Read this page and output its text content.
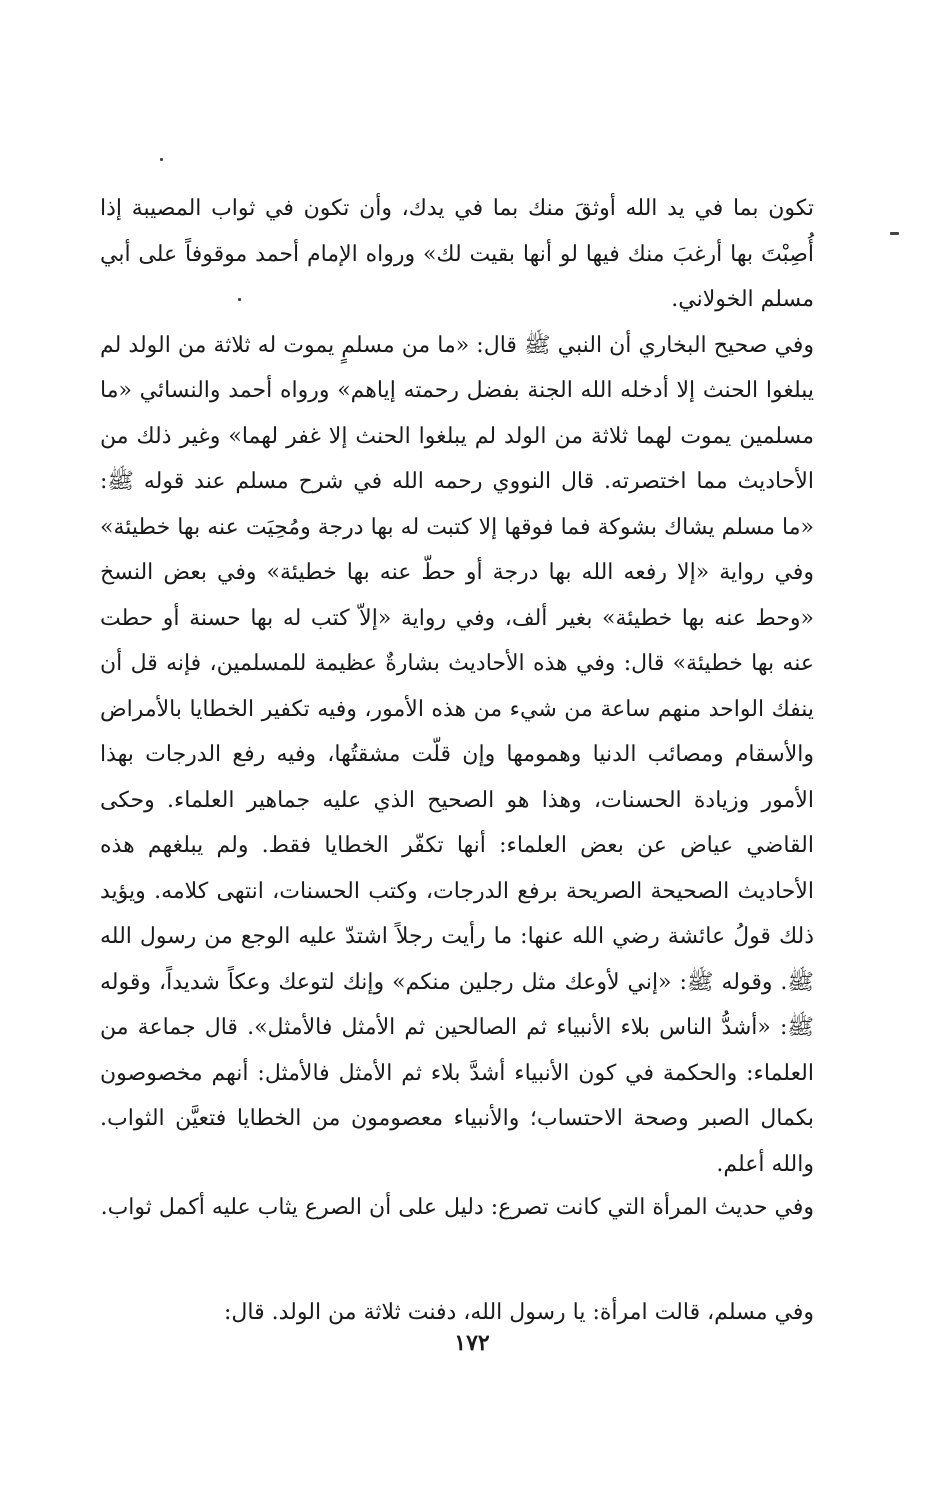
تكون بما في يد الله أوثقَ منك بما في يدك، وأن تكون في ثواب المصيبة إذا أُصِبْتَ بها أرغبَ منك فيها لو أنها بقيت لك» ورواه الإمام أحمد موقوفاً على أبي مسلم الخولاني.

وفي صحيح البخاري أن النبي ﷺ قال: «ما من مسلمٍ يموت له ثلاثة من الولد لم يبلغوا الحنث إلا أدخله الله الجنة بفضل رحمته إياهم» ورواه أحمد والنسائي «ما مسلمين يموت لهما ثلاثة من الولد لم يبلغوا الحنث إلا غفر لهما» وغير ذلك من الأحاديث مما اختصرته. قال النووي رحمه الله في شرح مسلم عند قوله ﷺ: «ما مسلم يشاك بشوكة فما فوقها إلا كتبت له بها درجة ومُحِيَت عنه بها خطيئة» وفي رواية «إلا رفعه الله بها درجة أو حطّ عنه بها خطيئة» وفي بعض النسخ «وحط عنه بها خطيئة» بغير ألف، وفي رواية «إلاّ كتب له بها حسنة أو حطت عنه بها خطيئة» قال: وفي هذه الأحاديث بشارةٌ عظيمة للمسلمين، فإنه قل أن ينفك الواحد منهم ساعة من شيء من هذه الأمور، وفيه تكفير الخطايا بالأمراض والأسقام ومصائب الدنيا وهمومها وإن قلّت مشقتُها، وفيه رفع الدرجات بهذا الأمور وزيادة الحسنات، وهذا هو الصحيح الذي عليه جماهير العلماء. وحكى القاضي عياض عن بعض العلماء: أنها تكفّر الخطايا فقط. ولم يبلغهم هذه الأحاديث الصحيحة الصريحة برفع الدرجات، وكتب الحسنات، انتهى كلامه. ويؤيد ذلك قولُ عائشة رضي الله عنها: ما رأيت رجلاً اشتدّ عليه الوجع من رسول الله ﷺ. وقوله ﷺ: «إني لأوعك مثل رجلين منكم» وإنك لتوعك وعكاً شديداً، وقوله ﷺ: «أشدُّ الناس بلاء الأنبياء ثم الصالحين ثم الأمثل فالأمثل». قال جماعة من العلماء: والحكمة في كون الأنبياء أشدَّ بلاء ثم الأمثل فالأمثل: أنهم مخصوصون بكمال الصبر وصحة الاحتساب؛ والأنبياء معصومون من الخطايا فتعيَّن الثواب. والله أعلم.

وفي حديث المرأة التي كانت تصرع: دليل على أن الصرع يثاب عليه أكمل ثواب.

وفي مسلم، قالت امرأة: يا رسول الله، دفنت ثلاثة من الولد. قال:

١٧٢
